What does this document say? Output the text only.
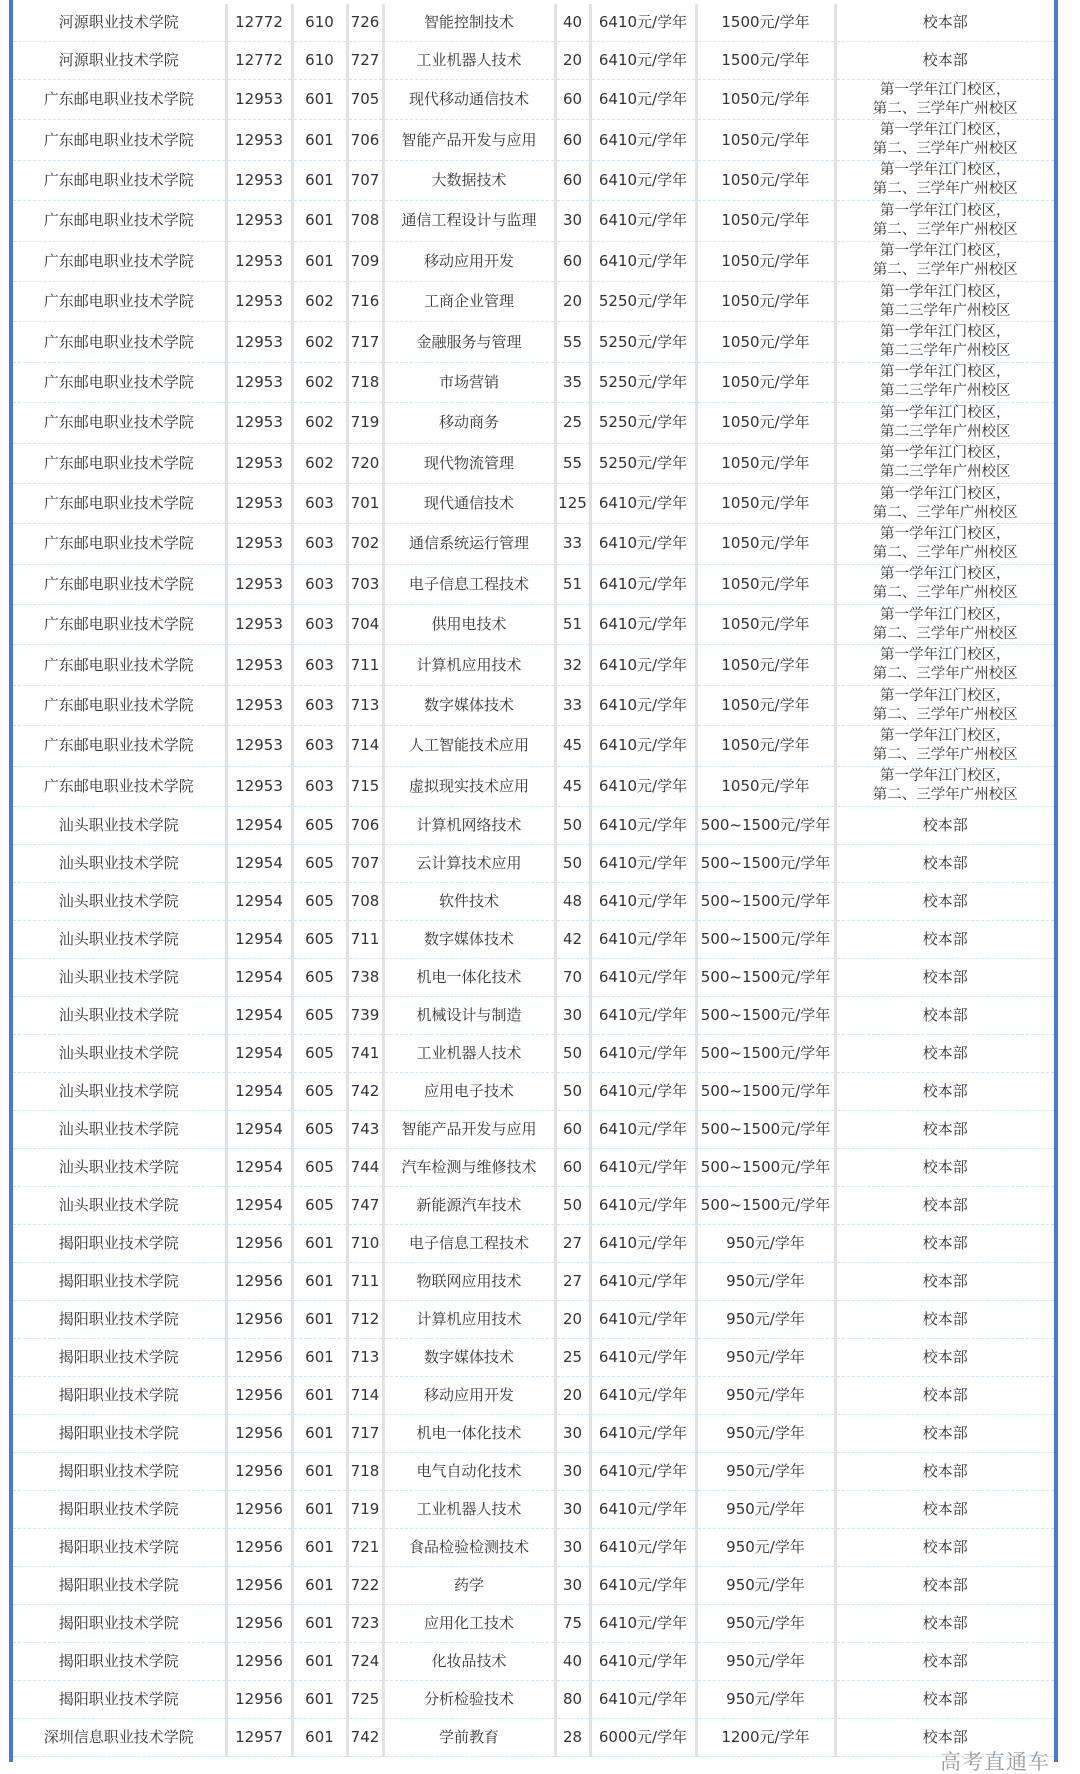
河源职业技术学院	12772	610	726	智能控制技术	40	6410元/学年	1500元/学年	校本部
河源职业技术学院	12772	610	727	工业机器人技术	20	6410元/学年	1500元/学年	校本部
广东邮电职业技术学院	12953	601	705	现代移动通信技术	60	6410元/学年	1050元/学年	第一学年江门校区，
第二、三学年广州校区

广东邮电职业技术学院	12953	601	706	智能产品开发与应用	60	6410元/学年	1050元/学年	第一学年江门校区，
第二、三学年广州校区

广东邮电职业技术学院	12953	601	707	大数据技术	60	6410元/学年	1050元/学年	第一学年江门校区，
第二、三学年广州校区

广东邮电职业技术学院	12953	601	708	通信工程设计与监理	30	6410元/学年	1050元/学年	第一学年江门校区，
第二、三学年广州校区

广东邮电职业技术学院	12953	601	709	移动应用开发	60	6410元/学年	1050元/学年	第一学年江门校区，
第二、三学年广州校区

广东邮电职业技术学院	12953	602	716	工商企业管理	20	5250元/学年	1050元/学年	第一学年江门校区，
第二三学年广州校区

广东邮电职业技术学院	12953	602	717	金融服务与管理	55	5250元/学年	1050元/学年	第一学年江门校区，
第二三学年广州校区

广东邮电职业技术学院	12953	602	718	市场营销	35	5250元/学年	1050元/学年	第一学年江门校区，
第二三学年广州校区

广东邮电职业技术学院	12953	602	719	移动商务	25	5250元/学年	1050元/学年	第一学年江门校区，
第二三学年广州校区

广东邮电职业技术学院	12953	602	720	现代物流管理	55	5250元/学年	1050元/学年	第一学年江门校区，
第二三学年广州校区

广东邮电职业技术学院	12953	603	701	现代通信技术	125	6410元/学年	1050元/学年	第一学年江门校区，
第二、三学年广州校区

广东邮电职业技术学院	12953	603	702	通信系统运行管理	33	6410元/学年	1050元/学年	第一学年江门校区，
第二、三学年广州校区

广东邮电职业技术学院	12953	603	703	电子信息工程技术	51	6410元/学年	1050元/学年	第一学年江门校区，
第二、三学年广州校区

广东邮电职业技术学院	12953	603	704	供用电技术	51	6410元/学年	1050元/学年	第一学年江门校区，
第二、三学年广州校区

广东邮电职业技术学院	12953	603	711	计算机应用技术	32	6410元/学年	1050元/学年	第一学年江门校区，
第二、三学年广州校区

广东邮电职业技术学院	12953	603	713	数字媒体技术	33	6410元/学年	1050元/学年	第一学年江门校区，
第二、三学年广州校区

广东邮电职业技术学院	12953	603	714	人工智能技术应用	45	6410元/学年	1050元/学年	第一学年江门校区，
第二、三学年广州校区

广东邮电职业技术学院	12953	603	715	虚拟现实技术应用	45	6410元/学年	1050元/学年	第一学年江门校区，
第二、三学年广州校区

汕头职业技术学院	12954	605	706	计算机网络技术	50	6410元/学年	500~1500元/学年	校本部
汕头职业技术学院	12954	605	707	云计算技术应用	50	6410元/学年	500~1500元/学年	校本部
汕头职业技术学院	12954	605	708	软件技术	48	6410元/学年	500~1500元/学年	校本部
汕头职业技术学院	12954	605	711	数字媒体技术	42	6410元/学年	500~1500元/学年	校本部
汕头职业技术学院	12954	605	738	机电一体化技术	70	6410元/学年	500~1500元/学年	校本部
汕头职业技术学院	12954	605	739	机械设计与制造	30	6410元/学年	500~1500元/学年	校本部
汕头职业技术学院	12954	605	741	工业机器人技术	50	6410元/学年	500~1500元/学年	校本部
汕头职业技术学院	12954	605	742	应用电子技术	50	6410元/学年	500~1500元/学年	校本部
汕头职业技术学院	12954	605	743	智能产品开发与应用	60	6410元/学年	500~1500元/学年	校本部
汕头职业技术学院	12954	605	744	汽车检测与维修技术	60	6410元/学年	500~1500元/学年	校本部
汕头职业技术学院	12954	605	747	新能源汽车技术	50	6410元/学年	500~1500元/学年	校本部
揭阳职业技术学院	12956	601	710	电子信息工程技术	27	6410元/学年	950元/学年	校本部
揭阳职业技术学院	12956	601	711	物联网应用技术	27	6410元/学年	950元/学年	校本部
揭阳职业技术学院	12956	601	712	计算机应用技术	20	6410元/学年	950元/学年	校本部
揭阳职业技术学院	12956	601	713	数字媒体技术	25	6410元/学年	950元/学年	校本部
揭阳职业技术学院	12956	601	714	移动应用开发	20	6410元/学年	950元/学年	校本部
揭阳职业技术学院	12956	601	717	机电一体化技术	30	6410元/学年	950元/学年	校本部
揭阳职业技术学院	12956	601	718	电气自动化技术	30	6410元/学年	950元/学年	校本部
揭阳职业技术学院	12956	601	719	工业机器人技术	30	6410元/学年	950元/学年	校本部
揭阳职业技术学院	12956	601	721	食品检验检测技术	30	6410元/学年	950元/学年	校本部
揭阳职业技术学院	12956	601	722	药学	30	6410元/学年	950元/学年	校本部
揭阳职业技术学院	12956	601	723	应用化工技术	75	6410元/学年	950元/学年	校本部
揭阳职业技术学院	12956	601	724	化妆品技术	40	6410元/学年	950元/学年	校本部
揭阳职业技术学院	12956	601	725	分析检验技术	80	6410元/学年	950元/学年	校本部
深圳信息职业技术学院	12957	601	742	学前教育	28	6000元/学年	1200元/学年	校本部
高考直通车
